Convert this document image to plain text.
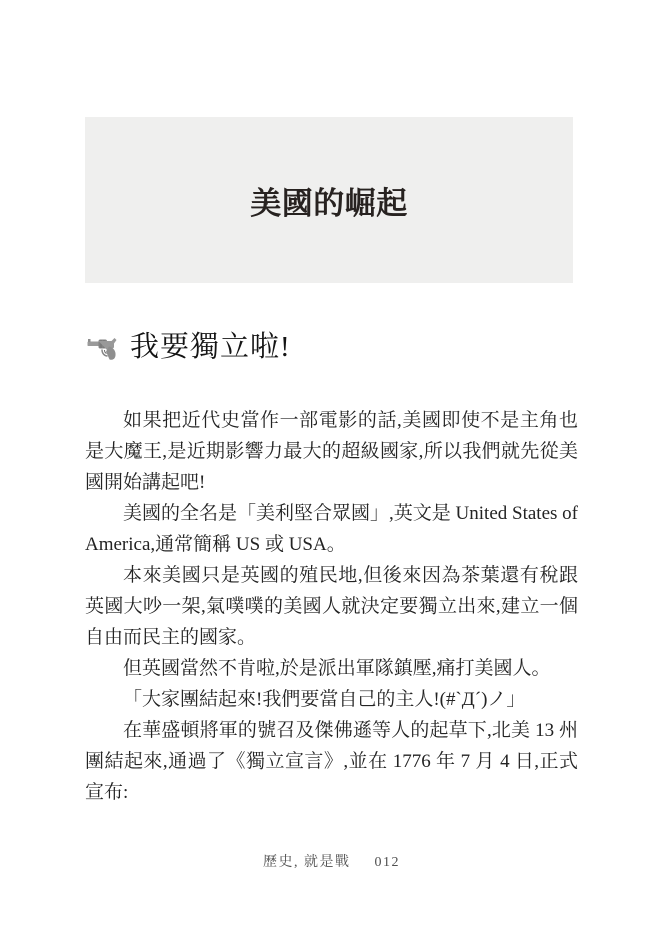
美國的崛起
我要獨立啦!

如果把近代史當作一部電影的話,美國即使不是主角也是大魔王,是近期影響力最大的超級國家,所以我們就先從美國開始講起吧!

美國的全名是「美利堅合眾國」,英文是 United States of America,通常簡稱 US 或 USA。

本來美國只是英國的殖民地,但後來因為茶葉還有稅跟英國大吵一架,氣噗噗的美國人就決定要獨立出來,建立一個自由而民主的國家。

但英國當然不肯啦,於是派出軍隊鎮壓,痛打美國人。

「大家團結起來!我們要當自己的主人!(#`Д´)ノ」

在華盛頓將軍的號召及傑佛遜等人的起草下,北美 13 州團結起來,通過了《獨立宣言》,並在 1776 年 7 月 4 日,正式宣布:

歷史, 就是戰 012
